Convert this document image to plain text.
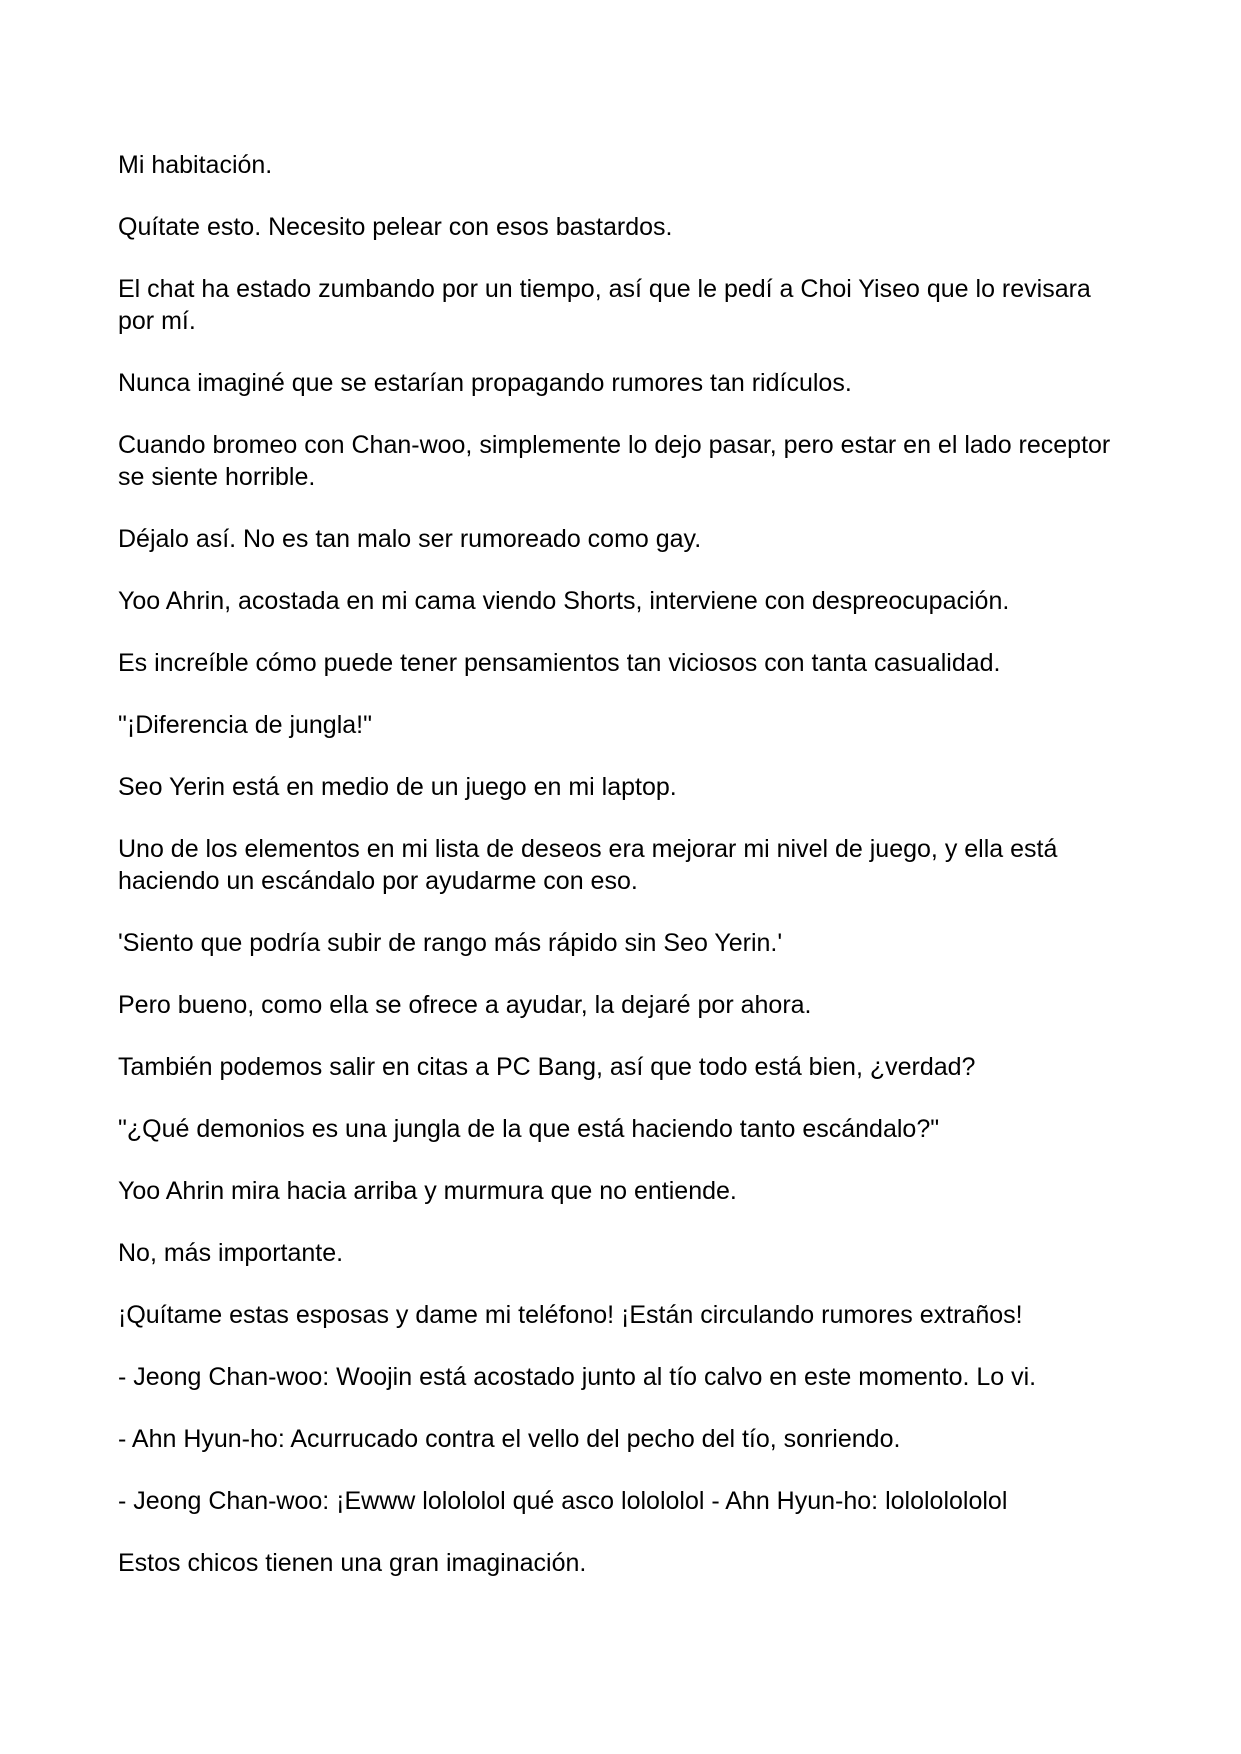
Mi habitación.

Quítate esto. Necesito pelear con esos bastardos.

El chat ha estado zumbando por un tiempo, así que le pedí a Choi Yiseo que lo revisara por mí.

Nunca imaginé que se estarían propagando rumores tan ridículos.

Cuando bromeo con Chan-woo, simplemente lo dejo pasar, pero estar en el lado receptor se siente horrible.

Déjalo así. No es tan malo ser rumoreado como gay.

Yoo Ahrin, acostada en mi cama viendo Shorts, interviene con despreocupación.

Es increíble cómo puede tener pensamientos tan viciosos con tanta casualidad.

"¡Diferencia de jungla!"

Seo Yerin está en medio de un juego en mi laptop.

Uno de los elementos en mi lista de deseos era mejorar mi nivel de juego, y ella está haciendo un escándalo por ayudarme con eso.

'Siento que podría subir de rango más rápido sin Seo Yerin.'

Pero bueno, como ella se ofrece a ayudar, la dejaré por ahora.

También podemos salir en citas a PC Bang, así que todo está bien, ¿verdad?

"¿Qué demonios es una jungla de la que está haciendo tanto escándalo?"

Yoo Ahrin mira hacia arriba y murmura que no entiende.

No, más importante.

¡Quítame estas esposas y dame mi teléfono! ¡Están circulando rumores extraños!

- Jeong Chan-woo: Woojin está acostado junto al tío calvo en este momento. Lo vi.

- Ahn Hyun-ho: Acurrucado contra el vello del pecho del tío, sonriendo.

- Jeong Chan-woo: ¡Ewww lolololol qué asco lolololol - Ahn Hyun-ho: lolololololol

Estos chicos tienen una gran imaginación.
